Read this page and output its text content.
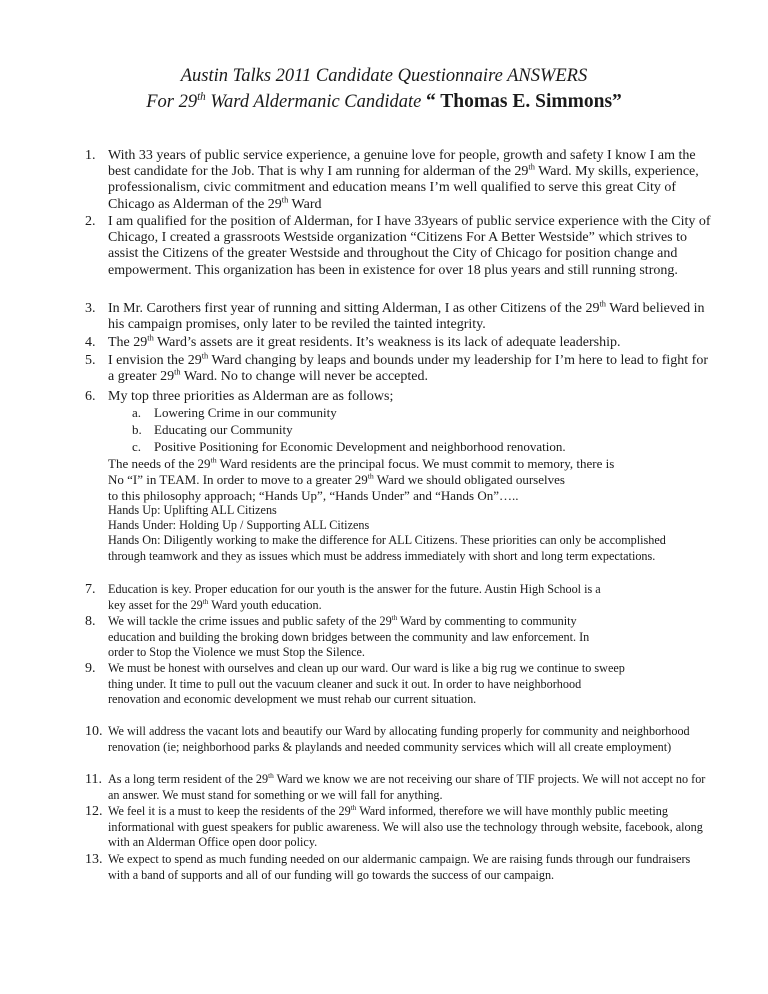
Austin Talks 2011 Candidate Questionnaire ANSWERS
For 29th Ward Aldermanic Candidate “ Thomas E. Simmons”
1. With 33 years of public service experience, a genuine love for people, growth and safety I know I am the best candidate for the Job. That is why I am running for alderman of the 29th Ward. My skills, experience, professionalism, civic commitment and education means I’m well qualified to serve this great City of Chicago as Alderman of the 29th Ward
2. I am qualified for the position of Alderman, for I have 33years of public service experience with the City of Chicago, I created a grassroots Westside organization “Citizens For A Better Westside” which strives to assist the Citizens of the greater Westside and throughout the City of Chicago for position change and empowerment. This organization has been in existence for over 18 plus years and still running strong.
3. In Mr. Carothers first year of running and sitting Alderman, I as other Citizens of the 29th Ward believed in his campaign promises, only later to be reviled the tainted integrity.
4. The 29th Ward’s assets are it great residents. It’s weakness is its lack of adequate leadership.
5. I envision the 29th Ward changing by leaps and bounds under my leadership for I’m here to lead to fight for a greater 29th Ward. No to change will never be accepted.
6. My top three priorities as Alderman are as follows;
a. Lowering Crime in our community
b. Educating our Community
c. Positive Positioning for Economic Development and neighborhood renovation.
The needs of the 29th Ward residents are the principal focus. We must commit to memory, there is
No “I” in TEAM. In order to move to a greater 29th Ward we should obligated ourselves
to this philosophy approach; “Hands Up”, “Hands Under” and “Hands On”…..
Hands Up: Uplifting ALL Citizens
Hands Under: Holding Up / Supporting ALL Citizens
Hands On: Diligently working to make the difference for ALL Citizens. These priorities can only be accomplished through teamwork and they as issues which must be address immediately with short and long term expectations.
7. Education is key. Proper education for our youth is the answer for the future. Austin High School is a key asset for the 29th Ward youth education.
8. We will tackle the crime issues and public safety of the 29th Ward by commenting to community education and building the broking down bridges between the community and law enforcement. In order to Stop the Violence we must Stop the Silence.
9. We must be honest with ourselves and clean up our ward. Our ward is like a big rug we continue to sweep thing under. It time to pull out the vacuum cleaner and suck it out. In order to have neighborhood renovation and economic development we must rehab our current situation.
10. We will address the vacant lots and beautify our Ward by allocating funding properly for community and neighborhood renovation (ie; neighborhood parks & playlands and needed community services which will all create employment)
11. As a long term resident of the 29th Ward we know we are not receiving our share of TIF projects. We will not accept no for an answer. We must stand for something or we will fall for anything.
12. We feel it is a must to keep the residents of the 29th Ward informed, therefore we will have monthly public meeting informational with guest speakers for public awareness. We will also use the technology through website, facebook, along with an Alderman Office open door policy.
13. We expect to spend as much funding needed on our aldermanic campaign. We are raising funds through our fundraisers with a band of supports and all of our funding will go towards the success of our campaign.
